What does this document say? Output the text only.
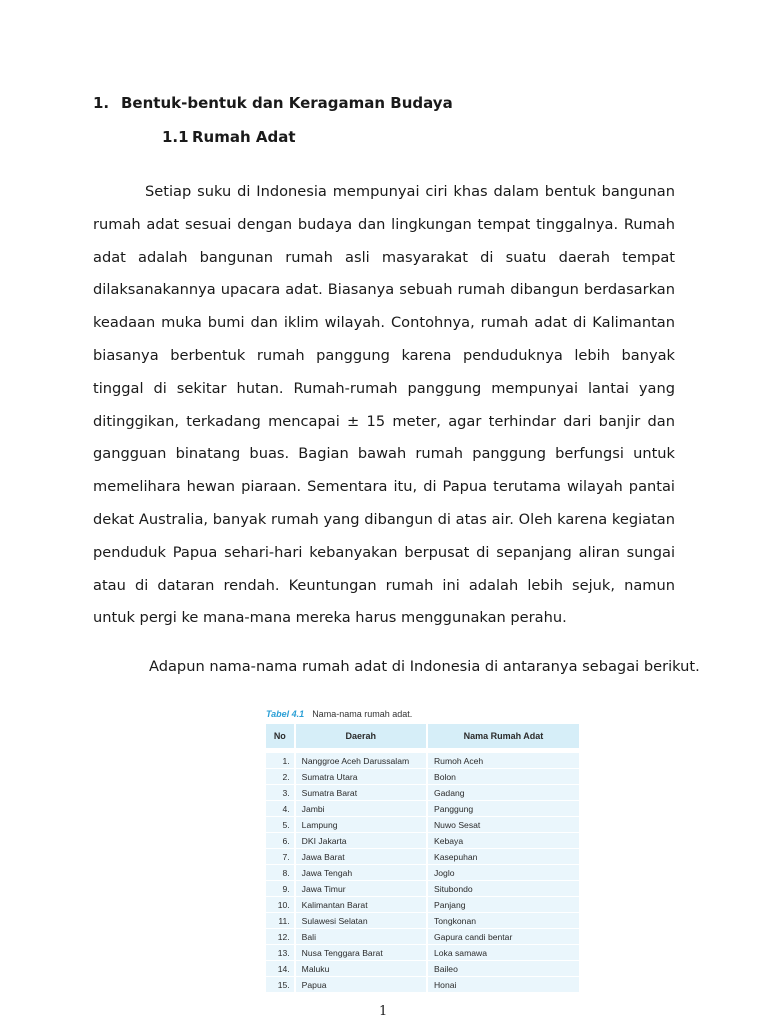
1. Bentuk-bentuk dan Keragaman Budaya
1.1 Rumah Adat
Setiap suku di Indonesia mempunyai ciri khas dalam bentuk bangunan
rumah adat sesuai dengan budaya dan lingkungan tempat tinggalnya. Rumah
adat adalah bangunan rumah asli masyarakat di suatu daerah tempat
dilaksanakannya upacara adat. Biasanya sebuah rumah dibangun berdasarkan
keadaan muka bumi dan iklim wilayah. Contohnya, rumah adat di Kalimantan
biasanya berbentuk rumah panggung karena penduduknya lebih banyak
tinggal di sekitar hutan. Rumah-rumah panggung mempunyai lantai yang
ditinggikan, terkadang mencapai ± 15 meter, agar terhindar dari banjir dan
gangguan binatang buas. Bagian bawah rumah panggung berfungsi untuk
memelihara hewan piaraan. Sementara itu, di Papua terutama wilayah pantai
dekat Australia, banyak rumah yang dibangun di atas air. Oleh karena kegiatan
penduduk Papua sehari-hari kebanyakan berpusat di sepanjang aliran sungai
atau di dataran rendah. Keuntungan rumah ini adalah lebih sejuk, namun
untuk pergi ke mana-mana mereka harus menggunakan perahu.
Adapun nama-nama rumah adat di Indonesia di antaranya sebagai berikut.
Tabel 4.1 Nama-nama rumah adat.
No	Daerah	Nama Rumah Adat
1.	Nanggroe Aceh Darussalam	Rumoh Aceh
2.	Sumatra Utara	Bolon
3.	Sumatra Barat	Gadang
4.	Jambi	Panggung
5.	Lampung	Nuwo Sesat
6.	DKI Jakarta	Kebaya
7.	Jawa Barat	Kasepuhan
8.	Jawa Tengah	Joglo
9.	Jawa Timur	Situbondo
10.	Kalimantan Barat	Panjang
11.	Sulawesi Selatan	Tongkonan
12.	Bali	Gapura candi bentar
13.	Nusa Tenggara Barat	Loka samawa
14.	Maluku	Baileo
15.	Papua	Honai
1
